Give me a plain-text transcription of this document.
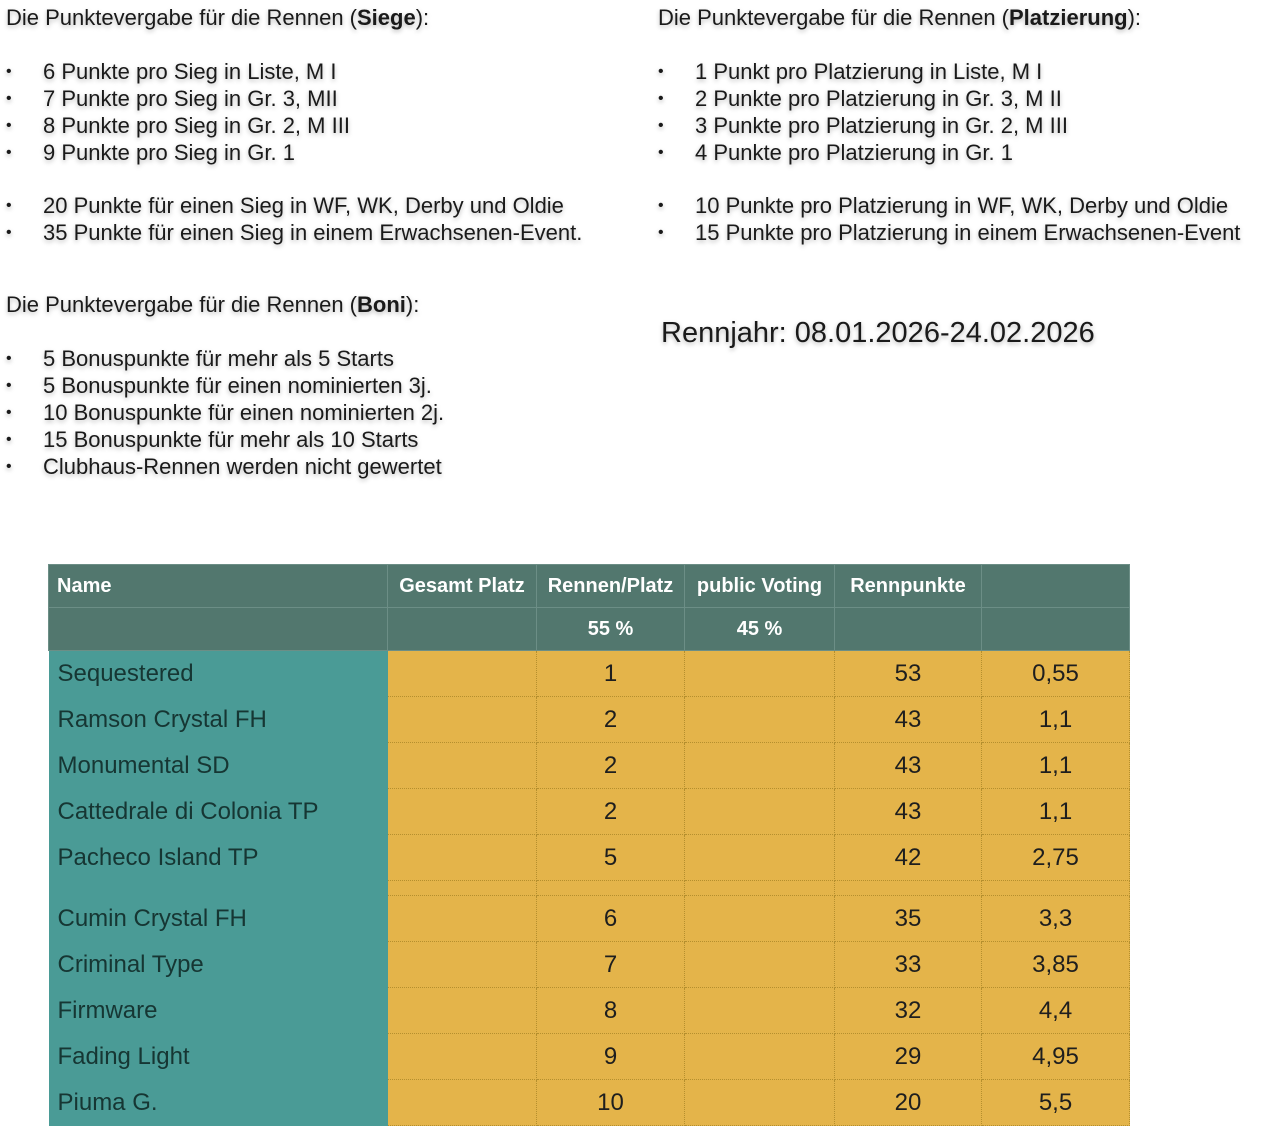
Die Punktevergabe für die Rennen (Siege):
• 6 Punkte pro Sieg in Liste, M I
• 7 Punkte pro Sieg in Gr. 3, MII
• 8 Punkte pro Sieg in Gr. 2, M III
• 9 Punkte pro Sieg in Gr. 1
• 20 Punkte für einen Sieg in WF, WK, Derby und Oldie
• 35 Punkte für einen Sieg in einem Erwachsenen-Event.
Die Punktevergabe für die Rennen (Platzierung):
• 1 Punkt pro Platzierung in Liste, M I
• 2 Punkte pro Platzierung in Gr. 3, M II
• 3 Punkte pro Platzierung in Gr. 2, M III
• 4 Punkte pro Platzierung in Gr. 1
• 10 Punkte pro Platzierung in WF, WK, Derby und Oldie
• 15 Punkte pro Platzierung in einem Erwachsenen-Event
Die Punktevergabe für die Rennen (Boni):
• 5 Bonuspunkte für mehr als 5 Starts
• 5 Bonuspunkte für einen nominierten 3j.
• 10 Bonuspunkte für einen nominierten 2j.
• 15 Bonuspunkte für mehr als 10 Starts
• Clubhaus-Rennen werden nicht gewertet
Rennjahr: 08.01.2026-24.02.2026
Name	Gesamt Platz	Rennen/Platz	public Voting	Rennpunkte	
		55 %	45 %		
Sequestered		1		53	0,55
Ramson Crystal FH		2		43	1,1
Monumental SD		2		43	1,1
Cattedrale di Colonia TP		2		43	1,1
Pacheco Island TP		5		42	2,75

Cumin Crystal FH		6		35	3,3
Criminal Type		7		33	3,85
Firmware		8		32	4,4
Fading Light		9		29	4,95
Piuma G.		10		20	5,5
